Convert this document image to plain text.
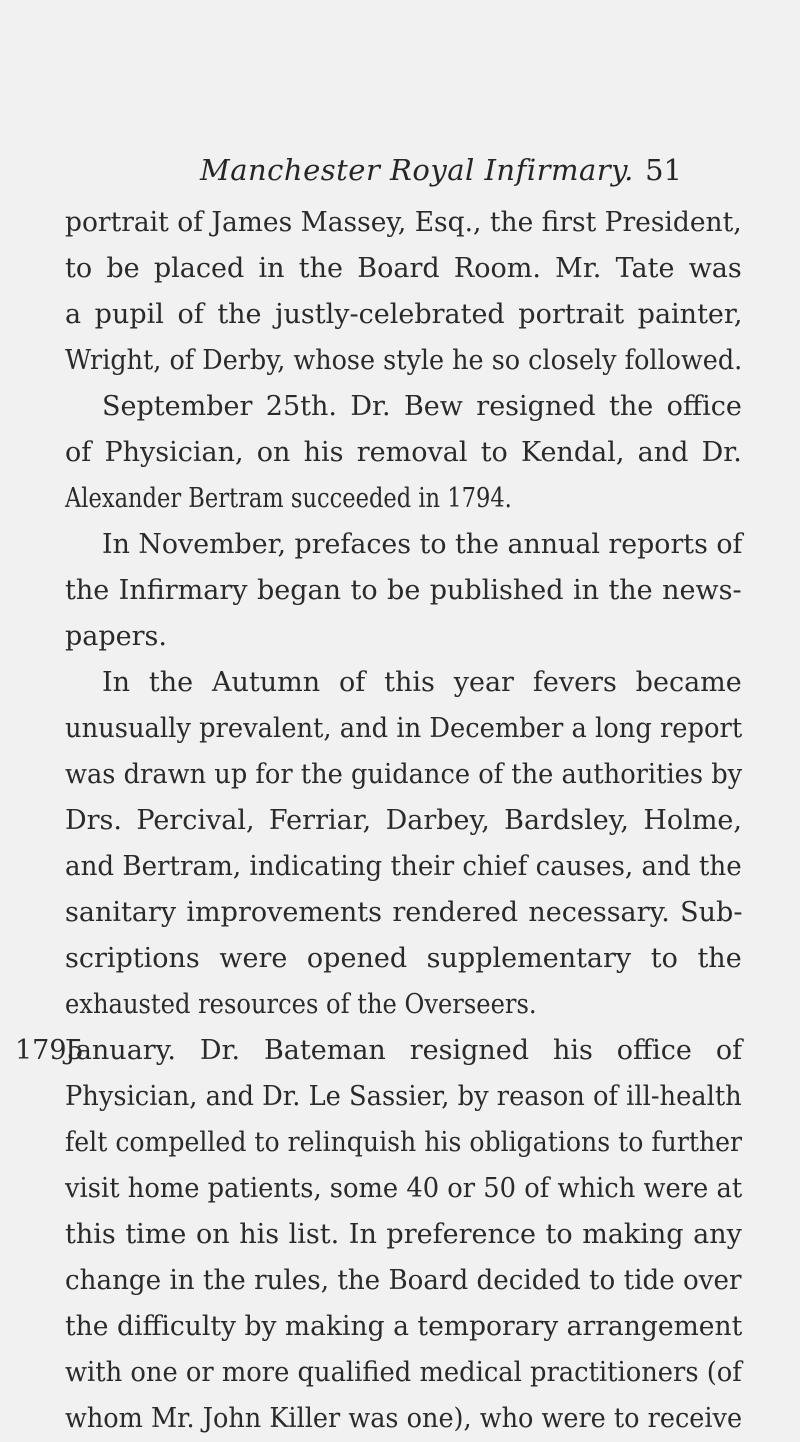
Manchester Royal Infirmary. 51
portrait of James Massey, Esq., the first President,
to be placed in the Board Room. Mr. Tate was
a pupil of the justly-celebrated portrait painter,
Wright, of Derby, whose style he so closely followed.
September 25th. Dr. Bew resigned the office
of Physician, on his removal to Kendal, and Dr.
Alexander Bertram succeeded in 1794.
In November, prefaces to the annual reports of
the Infirmary began to be published in the news-
papers.
In the Autumn of this year fevers became
unusually prevalent, and in December a long report
was drawn up for the guidance of the authorities by
Drs. Percival, Ferriar, Darbey, Bardsley, Holme,
and Bertram, indicating their chief causes, and the
sanitary improvements rendered necessary. Sub-
scriptions were opened supplementary to the
exhausted resources of the Overseers.
1795
January. Dr. Bateman resigned his office of
Physician, and Dr. Le Sassier, by reason of ill-health
felt compelled to relinquish his obligations to further
visit home patients, some 40 or 50 of which were at
this time on his list. In preference to making any
change in the rules, the Board decided to tide over
the difficulty by making a temporary arrangement
with one or more qualified medical practitioners (of
whom Mr. John Killer was one), who were to receive
